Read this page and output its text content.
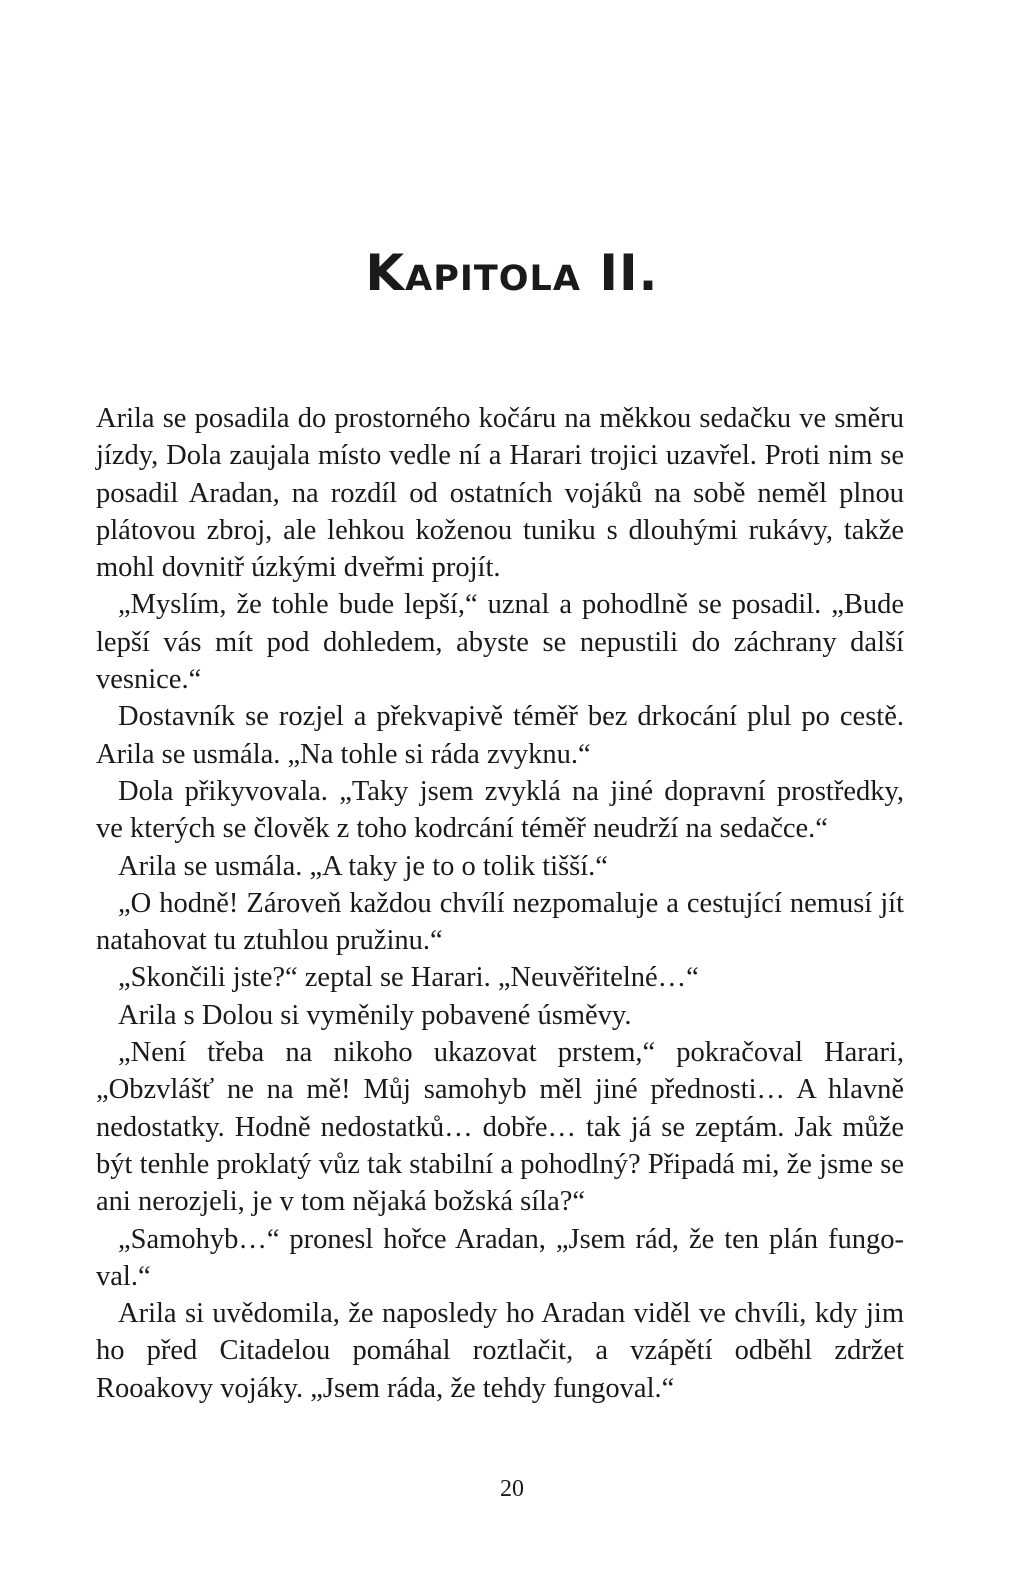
Kapitola II.

Arila se posadila do prostorného kočáru na měkkou sedačku ve směru jízdy, Dola zaujala místo vedle ní a Harari trojici uzavřel. Proti nim se posadil Aradan, na rozdíl od ostatních vojáků na sobě neměl plnou plátovou zbroj, ale lehkou koženou tuniku s dlouhými rukávy, takže mohl dovnitř úzkými dveřmi projít.

„Myslím, že tohle bude lepší,“ uznal a pohodlně se posadil. „Bude lepší vás mít pod dohledem, abyste se nepustili do záchrany další vesnice.“

Dostavník se rozjel a překvapivě téměř bez drkocání plul po cestě. Arila se usmála. „Na tohle si ráda zvyknu.“

Dola přikyvovala. „Taky jsem zvyklá na jiné dopravní prostředky, ve kterých se člověk z toho kodrcání téměř neudrží na sedačce.“

Arila se usmála. „A taky je to o tolik tišší.“

„O hodně! Zároveň každou chvílí nezpomaluje a cestující nemusí jít natahovat tu ztuhlou pružinu.“

„Skončili jste?“ zeptal se Harari. „Neuvěřitelné…“

Arila s Dolou si vyměnily pobavené úsměvy.

„Není třeba na nikoho ukazovat prstem,“ pokračoval Harari, „Obzvlášť ne na mě! Můj samohyb měl jiné přednosti… A hlavně nedostatky. Hodně nedostatků… dobře… tak já se zeptám. Jak může být tenhle proklatý vůz tak stabilní a pohodlný? Připadá mi, že jsme se ani nerozjeli, je v tom nějaká božská síla?“

„Samohyb…“ pronesl hořce Aradan, „Jsem rád, že ten plán fungoval.“

Arila si uvědomila, že naposledy ho Aradan viděl ve chvíli, kdy jim ho před Citadelou pomáhal roztlačit, a vzápětí odběhl zdržet Rooakovy vojáky. „Jsem ráda, že tehdy fungoval.“

20
